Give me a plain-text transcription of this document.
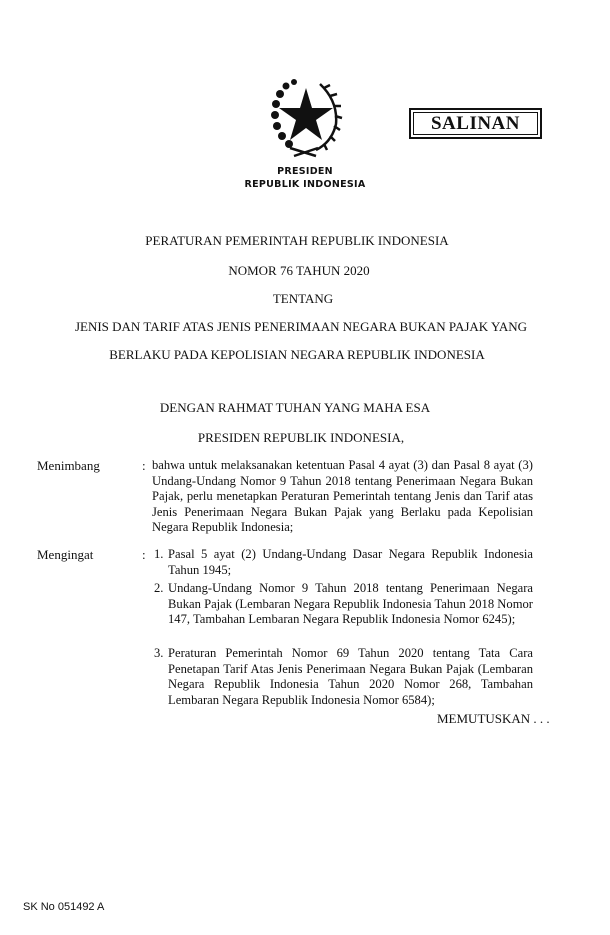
SALINAN
PRESIDEN
REPUBLIK INDONESIA
PERATURAN PEMERINTAH REPUBLIK INDONESIA
NOMOR 76 TAHUN 2020
TENTANG
JENIS DAN TARIF ATAS JENIS PENERIMAAN NEGARA BUKAN PAJAK YANG
BERLAKU PADA KEPOLISIAN NEGARA REPUBLIK INDONESIA
DENGAN RAHMAT TUHAN YANG MAHA ESA
PRESIDEN REPUBLIK INDONESIA,
Menimbang	: bahwa untuk melaksanakan ketentuan Pasal 4 ayat (3) dan Pasal 8 ayat (3) Undang-Undang Nomor 9 Tahun 2018 tentang Penerimaan Negara Bukan Pajak, perlu menetapkan Peraturan Pemerintah tentang Jenis dan Tarif atas Jenis Penerimaan Negara Bukan Pajak yang Berlaku pada Kepolisian Negara Republik Indonesia;
Mengingat	: 1. Pasal 5 ayat (2) Undang-Undang Dasar Negara Republik Indonesia Tahun 1945;
2. Undang-Undang Nomor 9 Tahun 2018 tentang Penerimaan Negara Bukan Pajak (Lembaran Negara Republik Indonesia Tahun 2018 Nomor 147, Tambahan Lembaran Negara Republik Indonesia Nomor 6245);
3. Peraturan Pemerintah Nomor 69 Tahun 2020 tentang Tata Cara Penetapan Tarif Atas Jenis Penerimaan Negara Bukan Pajak (Lembaran Negara Republik Indonesia Tahun 2020 Nomor 268, Tambahan Lembaran Negara Republik Indonesia Nomor 6584);
MEMUTUSKAN . . .
SK No 051492 A
